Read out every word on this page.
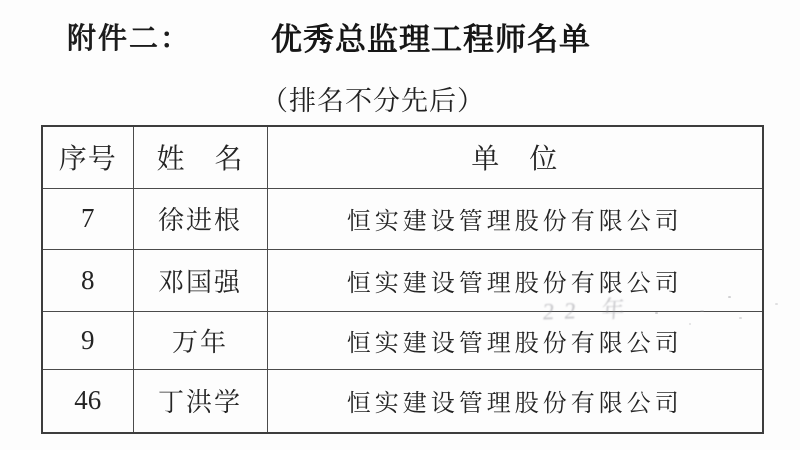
附件二：	优秀总监理工程师名单
（排名不分先后）
序号	姓　名	单　位
7	徐进根	恒实建设管理股份有限公司
8	邓国强	恒实建设管理股份有限公司
9	万年	恒实建设管理股份有限公司
46	丁洪学	恒实建设管理股份有限公司
22 年
